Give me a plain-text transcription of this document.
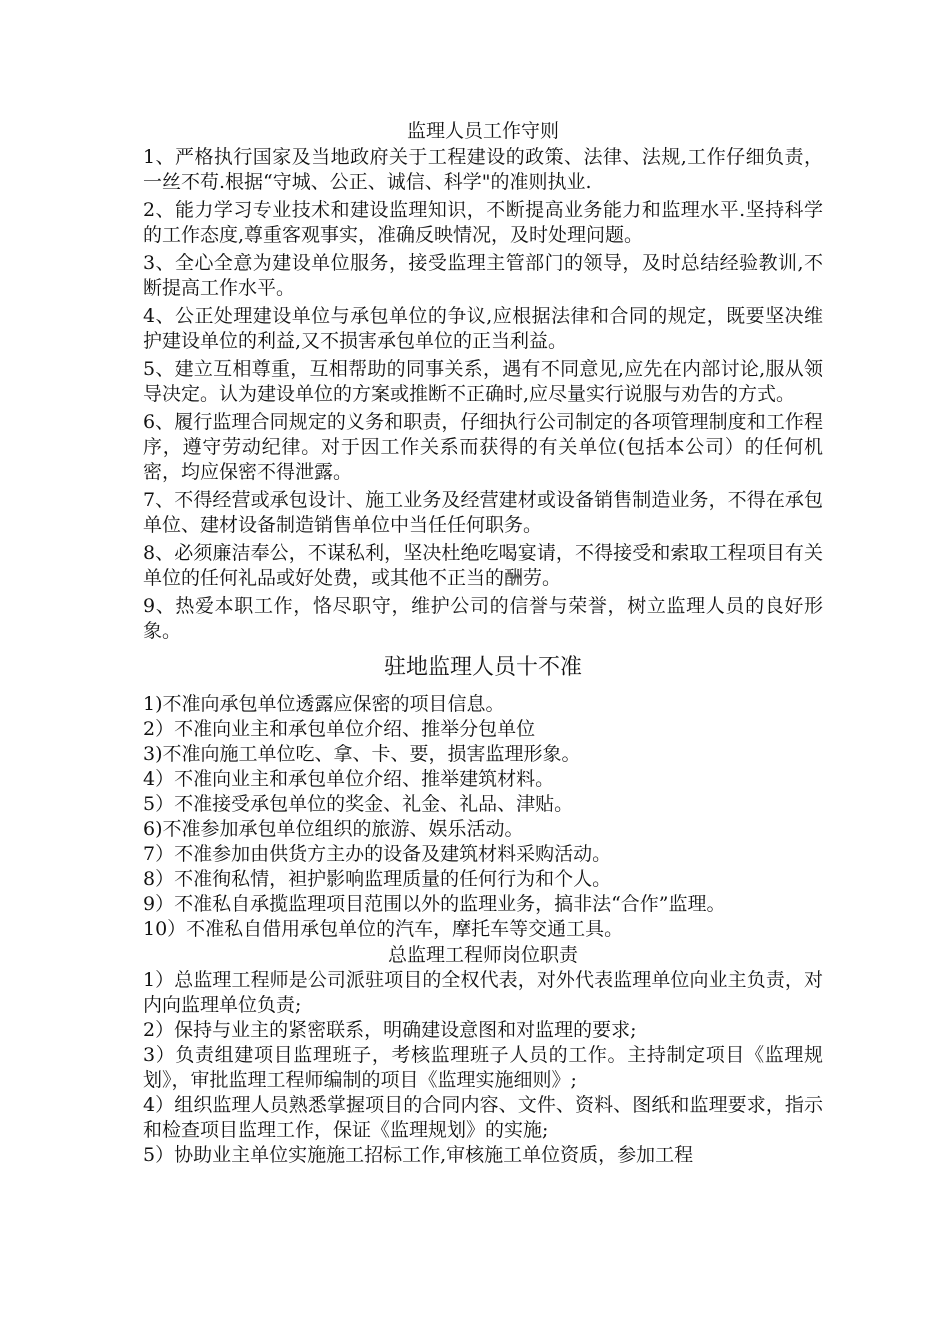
监理人员工作守则

1、严格执行国家及当地政府关于工程建设的政策、法律、法规,工作仔细负责，一丝不苟.根据“守城、公正、诚信、科学"的准则执业.

2、能力学习专业技术和建设监理知识，不断提高业务能力和监理水平.坚持科学的工作态度,尊重客观事实，准确反映情况，及时处理问题。

3、全心全意为建设单位服务，接受监理主管部门的领导，及时总结经验教训,不断提高工作水平。

4、公正处理建设单位与承包单位的争议,应根据法律和合同的规定，既要坚决维护建设单位的利益,又不损害承包单位的正当利益。

5、建立互相尊重，互相帮助的同事关系，遇有不同意见,应先在内部讨论,服从领导决定。认为建设单位的方案或推断不正确时,应尽量实行说服与劝告的方式。

6、履行监理合同规定的义务和职责，仔细执行公司制定的各项管理制度和工作程序，遵守劳动纪律。对于因工作关系而获得的有关单位(包括本公司）的任何机密，均应保密不得泄露。

7、不得经营或承包设计、施工业务及经营建材或设备销售制造业务，不得在承包单位、建材设备制造销售单位中当任任何职务。

8、必须廉洁奉公，不谋私利，坚决杜绝吃喝宴请，不得接受和索取工程项目有关单位的任何礼品或好处费，或其他不正当的酬劳。

9、热爱本职工作，恪尽职守，维护公司的信誉与荣誉，树立监理人员的良好形象。

驻地监理人员十不准

1)不准向承包单位透露应保密的项目信息。

2）不准向业主和承包单位介绍、推举分包单位

3)不准向施工单位吃、拿、卡、要，损害监理形象。

4）不准向业主和承包单位介绍、推举建筑材料。

5）不准接受承包单位的奖金、礼金、礼品、津贴。

6)不准参加承包单位组织的旅游、娱乐活动。

7）不准参加由供货方主办的设备及建筑材料采购活动。

8）不准徇私情，袒护影响监理质量的任何行为和个人。

9）不准私自承揽监理项目范围以外的监理业务，搞非法“合作”监理。

10）不准私自借用承包单位的汽车，摩托车等交通工具。

总监理工程师岗位职责

1）总监理工程师是公司派驻项目的全权代表，对外代表监理单位向业主负责，对内向监理单位负责;

2）保持与业主的紧密联系，明确建设意图和对监理的要求;

3）负责组建项目监理班子，考核监理班子人员的工作。主持制定项目《监理规划》，审批监理工程师编制的项目《监理实施细则》;

4）组织监理人员熟悉掌握项目的合同内容、文件、资料、图纸和监理要求，指示和检查项目监理工作，保证《监理规划》的实施;

5）协助业主单位实施施工招标工作,审核施工单位资质，参加工程
